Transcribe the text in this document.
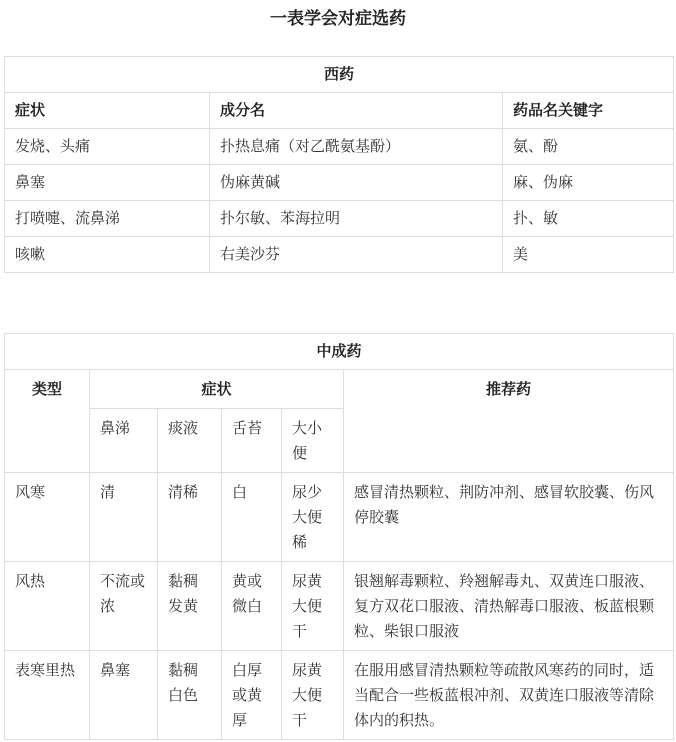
一表学会对症选药
西药		
症状	成分名	药品名关键字
发烧、头痛	扑热息痛（对乙酰氨基酚）	氨、酚
鼻塞	伪麻黄碱	麻、伪麻
打喷嚏、流鼻涕	扑尔敏、苯海拉明	扑、敏
咳嗽	右美沙芬	美
中成药					
类型	症状				推荐药
	鼻涕	痰液	舌苔	大小便	
风寒	清	清稀	白	尿少大便稀	感冒清热颗粒、荆防冲剂、感冒软胶囊、伤风停胶囊
风热	不流或浓	黏稠发黄	黄或微白	尿黄大便干	银翘解毒颗粒、羚翘解毒丸、双黄连口服液、复方双花口服液、清热解毒口服液、板蓝根颗粒、柴银口服液
表寒里热	鼻塞	黏稠白色	白厚或黄厚	尿黄大便干	在服用感冒清热颗粒等疏散风寒药的同时，适当配合一些板蓝根冲剂、双黄连口服液等清除体内的积热。
